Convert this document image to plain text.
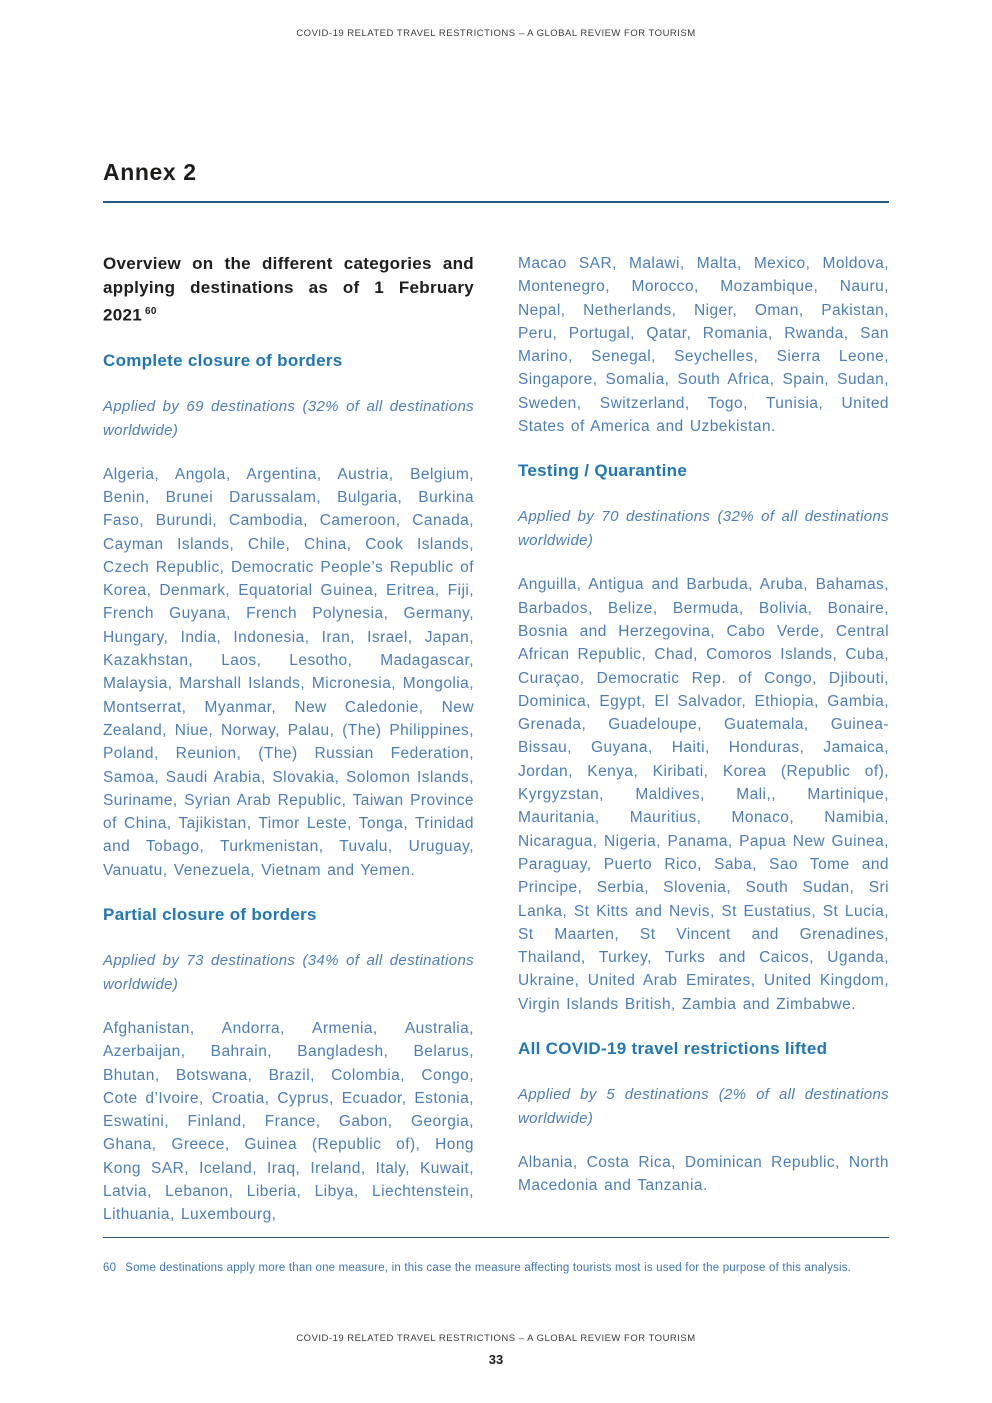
COVID-19 RELATED TRAVEL RESTRICTIONS – A GLOBAL REVIEW FOR TOURISM
Annex 2

Overview on the different categories and applying destinations as of 1 February 2021 $^{60}$

Complete closure of borders

Applied by 69 destinations (32% of all destinations worldwide)

Algeria, Angola, Argentina, Austria, Belgium, Benin, Brunei Darussalam, Bulgaria, Burkina Faso, Burundi, Cambodia, Cameroon, Canada, Cayman Islands, Chile, China, Cook Islands, Czech Republic, Democratic People’s Republic of Korea, Denmark, Equatorial Guinea, Eritrea, Fiji, French Guyana, French Polynesia, Germany, Hungary, India, Indonesia, Iran, Israel, Japan, Kazakhstan, Laos, Lesotho, Madagascar, Malaysia, Marshall Islands, Micronesia, Mongolia, Montserrat, Myanmar, New Caledonie, New Zealand, Niue, Norway, Palau, (The) Philippines, Poland, Reunion, (The) Russian Federation, Samoa, Saudi Arabia, Slovakia, Solomon Islands, Suriname, Syrian Arab Republic, Taiwan Province of China, Tajikistan, Timor Leste, Tonga, Trinidad and Tobago, Turkmenistan, Tuvalu, Uruguay, Vanuatu, Venezuela, Vietnam and Yemen.

Partial closure of borders

Applied by 73 destinations (34% of all destinations worldwide)

Afghanistan, Andorra, Armenia, Australia, Azerbaijan, Bahrain, Bangladesh, Belarus, Bhutan, Botswana, Brazil, Colombia, Congo, Cote d’Ivoire, Croatia, Cyprus, Ecuador, Estonia, Eswatini, Finland, France, Gabon, Georgia, Ghana, Greece, Guinea (Republic of), Hong Kong SAR, Iceland, Iraq, Ireland, Italy, Kuwait, Latvia, Lebanon, Liberia, Libya, Liechtenstein, Lithuania, Luxembourg,

Macao SAR, Malawi, Malta, Mexico, Moldova, Montenegro, Morocco, Mozambique, Nauru, Nepal, Netherlands, Niger, Oman, Pakistan, Peru, Portugal, Qatar, Romania, Rwanda, San Marino, Senegal, Seychelles, Sierra Leone, Singapore, Somalia, South Africa, Spain, Sudan, Sweden, Switzerland, Togo, Tunisia, United States of America and Uzbekistan.

Testing / Quarantine

Applied by 70 destinations (32% of all destinations worldwide)

Anguilla, Antigua and Barbuda, Aruba, Bahamas, Barbados, Belize, Bermuda, Bolivia, Bonaire, Bosnia and Herzegovina, Cabo Verde, Central African Republic, Chad, Comoros Islands, Cuba, Curaçao, Democratic Rep. of Congo, Djibouti, Dominica, Egypt, El Salvador, Ethiopia, Gambia, Grenada, Guadeloupe, Guatemala, Guinea-Bissau, Guyana, Haiti, Honduras, Jamaica, Jordan, Kenya, Kiribati, Korea (Republic of), Kyrgyzstan, Maldives, Mali,, Martinique, Mauritania, Mauritius, Monaco, Namibia, Nicaragua, Nigeria, Panama, Papua New Guinea, Paraguay, Puerto Rico, Saba, Sao Tome and Principe, Serbia, Slovenia, South Sudan, Sri Lanka, St Kitts and Nevis, St Eustatius, St Lucia, St Maarten, St Vincent and Grenadines, Thailand, Turkey, Turks and Caicos, Uganda, Ukraine, United Arab Emirates, United Kingdom, Virgin Islands British, Zambia and Zimbabwe.

All COVID-19 travel restrictions lifted

Applied by 5 destinations (2% of all destinations worldwide)

Albania, Costa Rica, Dominican Republic, North Macedonia and Tanzania.

60 Some destinations apply more than one measure, in this case the measure affecting tourists most is used for the purpose of this analysis.
COVID-19 RELATED TRAVEL RESTRICTIONS – A GLOBAL REVIEW FOR TOURISM
33
